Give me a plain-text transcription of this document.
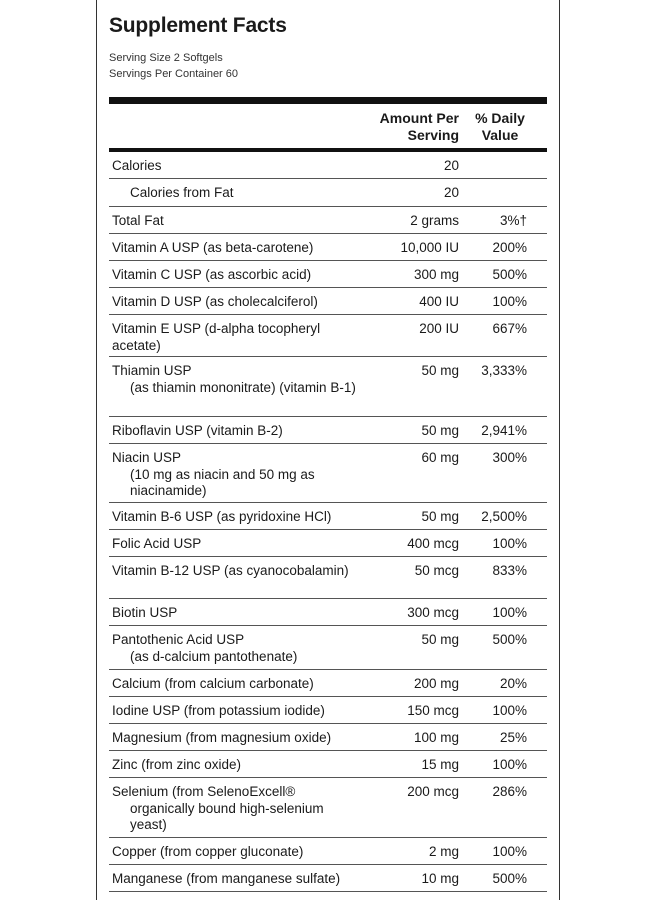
Supplement Facts
Serving Size 2 Softgels
Servings Per Container 60
Amount Per
Serving
% Daily
Value
Calories	20
Calories from Fat	20
Total Fat	2 grams	3%†
Vitamin A USP (as beta-carotene)	10,000 IU	200%
Vitamin C USP (as ascorbic acid)	300 mg	500%
Vitamin D USP (as cholecalciferol)	400 IU	100%
Vitamin E USP (d-alpha tocopheryl acetate)
200 IU	667%
Thiamin USP
(as thiamin mononitrate) (vitamin B-1)
50 mg	3,333%
Riboflavin USP (vitamin B-2)	50 mg	2,941%
Niacin USP
(10 mg as niacin and 50 mg as niacinamide)
60 mg	300%
Vitamin B-6 USP (as pyridoxine HCl)	50 mg	2,500%
Folic Acid USP	400 mcg	100%
Vitamin B-12 USP (as cyanocobalamin)	50 mcg	833%
Biotin USP	300 mcg	100%
Pantothenic Acid USP
(as d-calcium pantothenate)
50 mg	500%
Calcium (from calcium carbonate)	200 mg	20%
Iodine USP (from potassium iodide)	150 mcg	100%
Magnesium (from magnesium oxide)	100 mg	25%
Zinc (from zinc oxide)	15 mg	100%
Selenium (from SelenoExcell®
organically bound high-selenium yeast)
200 mcg	286%
Copper (from copper gluconate)	2 mg	100%
Manganese (from manganese sulfate)	10 mg	500%
